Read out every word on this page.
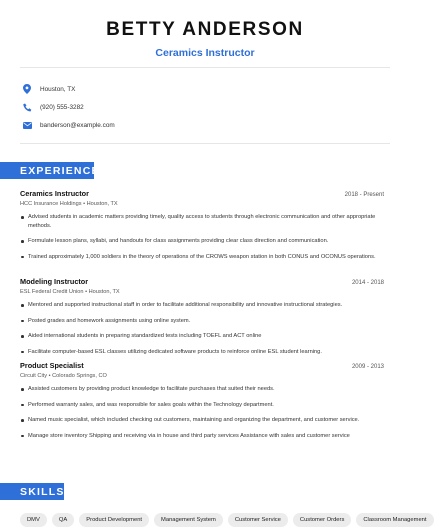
BETTY ANDERSON
Ceramics Instructor
Houston, TX
(920) 555-3282
banderson@example.com
EXPERIENCE
Ceramics Instructor	2018 - Present
HCC Insurance Holdings • Houston, TX
Advised students in academic matters providing timely, quality access to students through electronic communication and other appropriate methods.
Formulate lesson plans, syllabi, and handouts for class assignments providing clear class direction and communication.
Trained approximately 1,000 soldiers in the theory of operations of the CROWS weapon station in both CONUS and OCONUS operations.
Modeling Instructor	2014 - 2018
ESL Federal Credit Union • Houston, TX
Mentored and supported instructional staff in order to facilitate additional responsibility and innovative instructional strategies.
Posted grades and homework assignments using online system.
Aided international students in preparing standardized tests including TOEFL and ACT online
Facilitate computer-based ESL classes utilizing dedicated software products to reinforce online ESL student learning.
Product Specialist	2009 - 2013
Circuit City • Colorado Springs, CO
Assisted customers by providing product knowledge to facilitate purchases that suited their needs.
Performed warranty sales, and was responsible for sales goals within the Technology department.
Named music specialist, which included checking out customers, maintaining and organizing the department, and customer service.
Manage store inventory Shipping and receiving via in house and third party services Assistance with sales and customer service
SKILLS
DMV	QA	Product Development	Management System	Customer Service	Customer Orders	Classroom Management
